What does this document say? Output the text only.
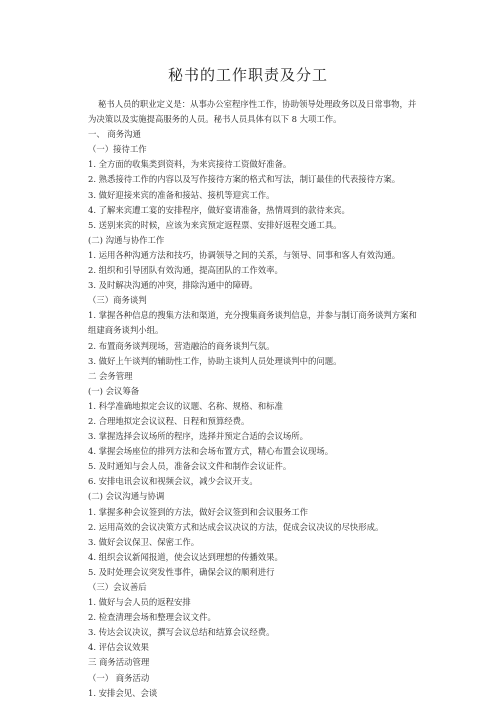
秘书的工作职责及分工
秘书人员的职业定义是：从事办公室程序性工作，协助领导处理政务以及日常事物，并为决策以及实施提高服务的人员。秘书人员具体有以下 8 大项工作。
一、 商务沟通
（一）接待工作
1. 全方面的收集类到资料，为来宾接待工资做好准备。
2. 熟悉接待工作的内容以及写作接待方案的格式和写法，制订最佳的代表接待方案。
3. 做好迎接来宾的准备和接站、接机等迎宾工作。
4. 了解来宾遭工宴的安排程序，做好宴请准备，热情周到的款待来宾。
5. 送别来宾的时候，应该为来宾预定返程票、安排好返程交通工具。
(二) 沟通与协作工作
1. 运用各种沟通方法和技巧，协调领导之间的关系，与领导、同事和客人有效沟通。
2. 组织和引导团队有效沟通，提高团队的工作效率。
3. 及时解决沟通的冲突，排除沟通中的障碍。
（三）商务谈判
1. 掌握各种信息的搜集方法和渠道，充分搜集商务谈判信息，并参与制订商务谈判方案和组建商务谈判小组。
2. 布置商务谈判现场，营造融洽的商务谈判气氛。
3. 做好上午谈判的辅助性工作，协助主谈判人员处理谈判中的问题。
二 会务管理
(一) 会议筹备
1. 科学准确地拟定会议的议题、名称、规格、和标准
2. 合理地拟定会议议程、日程和预算经费。
3. 掌握选择会议场所的程序，选择并预定合适的会议场所。
4. 掌握会场座位的排列方法和会场布置方式，精心布置会议现场。
5. 及时通知与会人员，准备会议文件和制作会议证件。
6. 安排电讯会议和视频会议，减少会议开支。
(二) 会议沟通与协调
1. 掌握多种会议签到的方法，做好会议签到和会议服务工作
2. 运用高效的会议决策方式和达成会议决议的方法，促成会议决议的尽快形成。
3. 做好会议保卫、保密工作。
4. 组织会议新闻报道，使会议达到理想的传播效果。
5. 及时处理会议突发性事件，确保会议的顺利进行
（三）会议善后
1. 做好与会人员的返程安排
2. 检查清理会场和整理会议文件。
3. 传达会议决议，撰写会议总结和结算会议经费。
4. 评估会议效果
三 商务活动管理
（一） 商务活动
1. 安排会见、会谈
